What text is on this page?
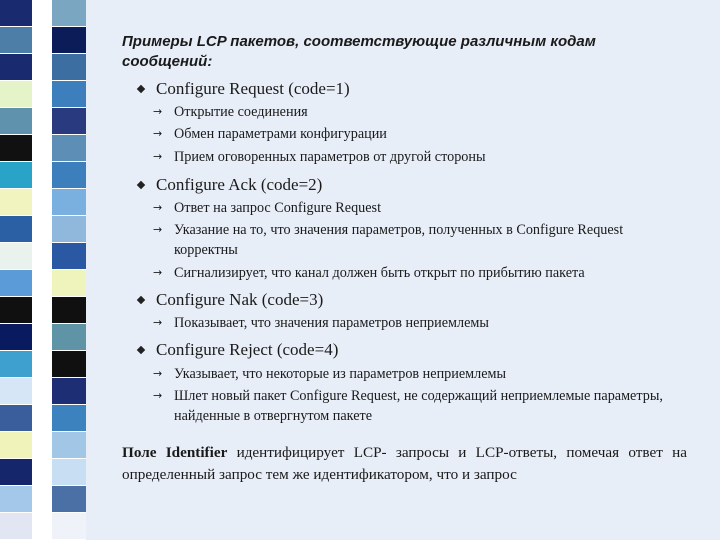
Примеры LCP пакетов, соответствующие различным кодам сообщений:
Configure Request (code=1)
→ Открытие соединения
→ Обмен параметрами конфигурации
→ Прием оговоренных параметров от другой стороны
Configure Ack (code=2)
→ Ответ на запрос Configure Request
→ Указание на то, что значения параметров, полученных в Configure Request корректны
→ Сигнализирует, что канал должен быть открыт по прибытию пакета
Configure Nak (code=3)
→ Показывает, что значения параметров неприемлемы
Configure Reject (code=4)
→ Указывает, что некоторые из параметров неприемлемы
→ Шлет новый пакет Configure Request, не содержащий неприемлемые параметры, найденные в отвергнутом пакете
Поле Identifier идентифицирует LCP- запросы и LCP-ответы, помечая ответ на определенный запрос тем же идентификатором, что и запрос
